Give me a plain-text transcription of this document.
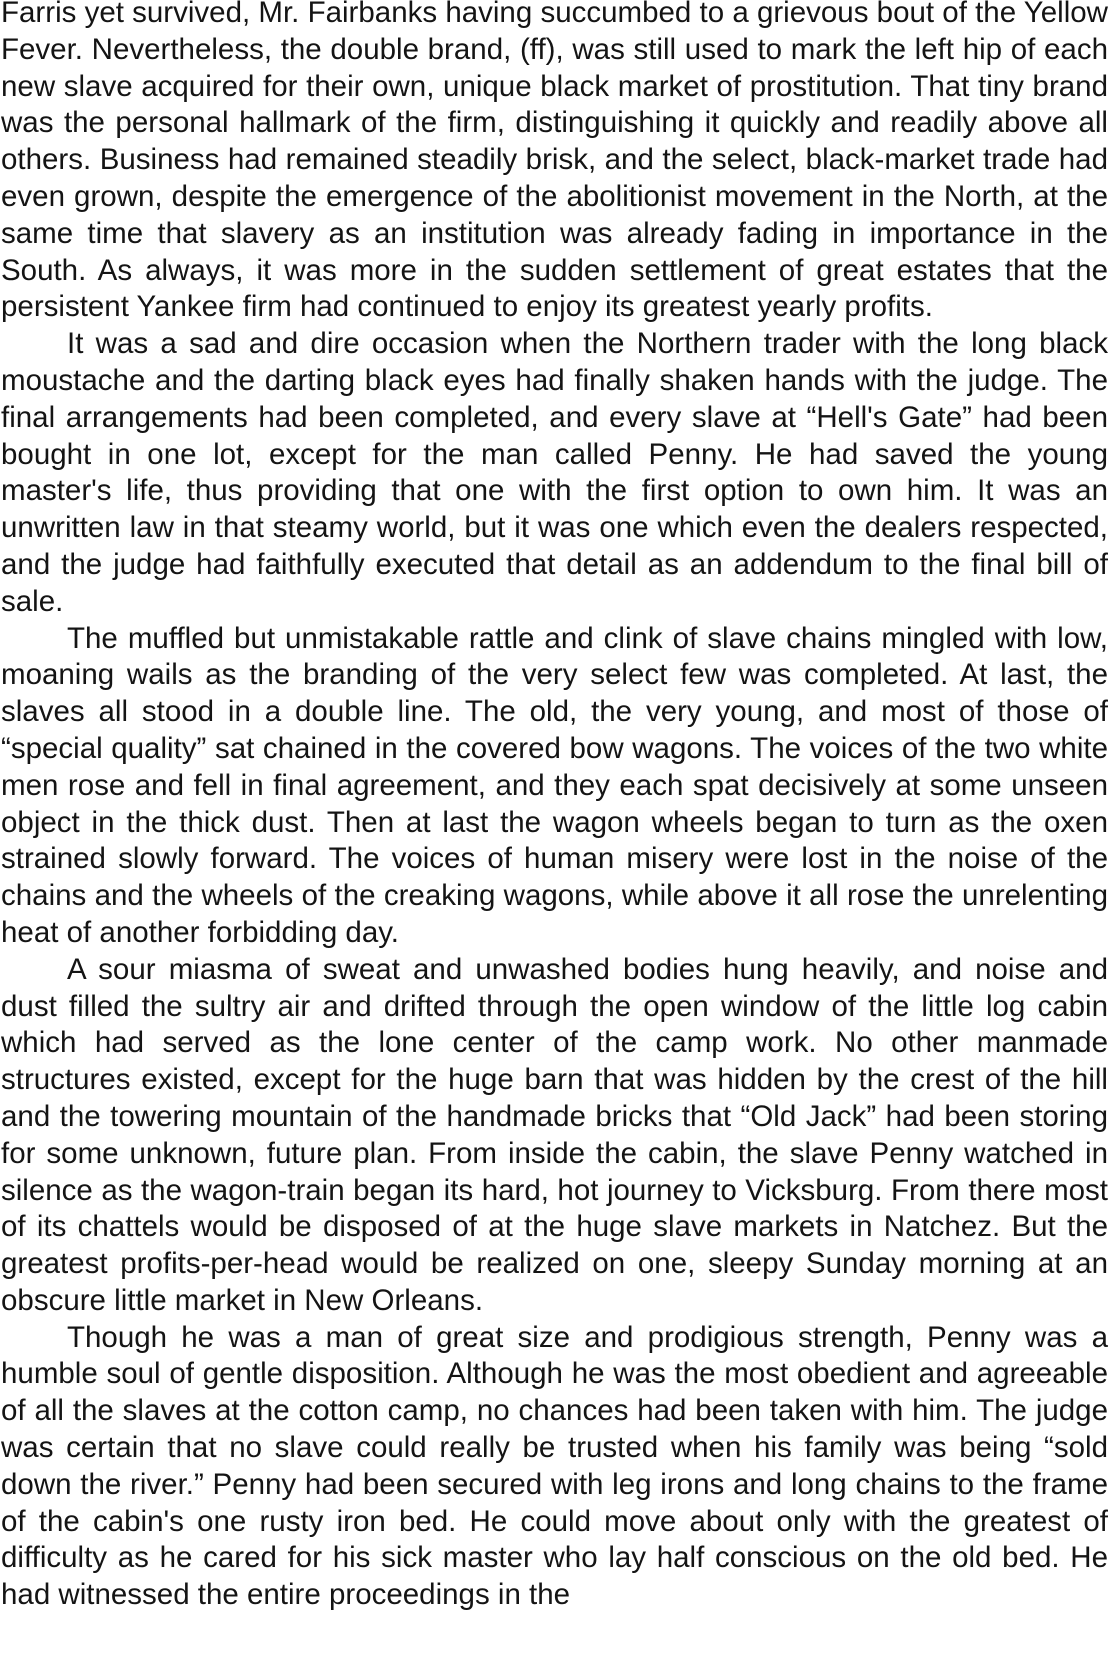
Farris yet survived, Mr. Fairbanks having succumbed to a grievous bout of the Yellow Fever. Nevertheless, the double brand, (ff), was still used to mark the left hip of each new slave acquired for their own, unique black market of prostitution. That tiny brand was the personal hallmark of the firm, distinguishing it quickly and readily above all others. Business had remained steadily brisk, and the select, black-market trade had even grown, despite the emergence of the abolitionist movement in the North, at the same time that slavery as an institution was already fading in importance in the South. As always, it was more in the sudden settlement of great estates that the persistent Yankee firm had continued to enjoy its greatest yearly profits.

It was a sad and dire occasion when the Northern trader with the long black moustache and the darting black eyes had finally shaken hands with the judge. The final arrangements had been completed, and every slave at “Hell's Gate” had been bought in one lot, except for the man called Penny. He had saved the young master's life, thus providing that one with the first option to own him. It was an unwritten law in that steamy world, but it was one which even the dealers respected, and the judge had faithfully executed that detail as an addendum to the final bill of sale.

The muffled but unmistakable rattle and clink of slave chains mingled with low, moaning wails as the branding of the very select few was completed. At last, the slaves all stood in a double line. The old, the very young, and most of those of “special quality” sat chained in the covered bow wagons. The voices of the two white men rose and fell in final agreement, and they each spat decisively at some unseen object in the thick dust. Then at last the wagon wheels began to turn as the oxen strained slowly forward. The voices of human misery were lost in the noise of the chains and the wheels of the creaking wagons, while above it all rose the unrelenting heat of another forbidding day.

A sour miasma of sweat and unwashed bodies hung heavily, and noise and dust filled the sultry air and drifted through the open window of the little log cabin which had served as the lone center of the camp work. No other manmade structures existed, except for the huge barn that was hidden by the crest of the hill and the towering mountain of the handmade bricks that “Old Jack” had been storing for some unknown, future plan. From inside the cabin, the slave Penny watched in silence as the wagon-train began its hard, hot journey to Vicksburg. From there most of its chattels would be disposed of at the huge slave markets in Natchez. But the greatest profits-per-head would be realized on one, sleepy Sunday morning at an obscure little market in New Orleans.

Though he was a man of great size and prodigious strength, Penny was a humble soul of gentle disposition. Although he was the most obedient and agreeable of all the slaves at the cotton camp, no chances had been taken with him. The judge was certain that no slave could really be trusted when his family was being “sold down the river.” Penny had been secured with leg irons and long chains to the frame of the cabin's one rusty iron bed. He could move about only with the greatest of difficulty as he cared for his sick master who lay half conscious on the old bed. He had witnessed the entire proceedings in the
